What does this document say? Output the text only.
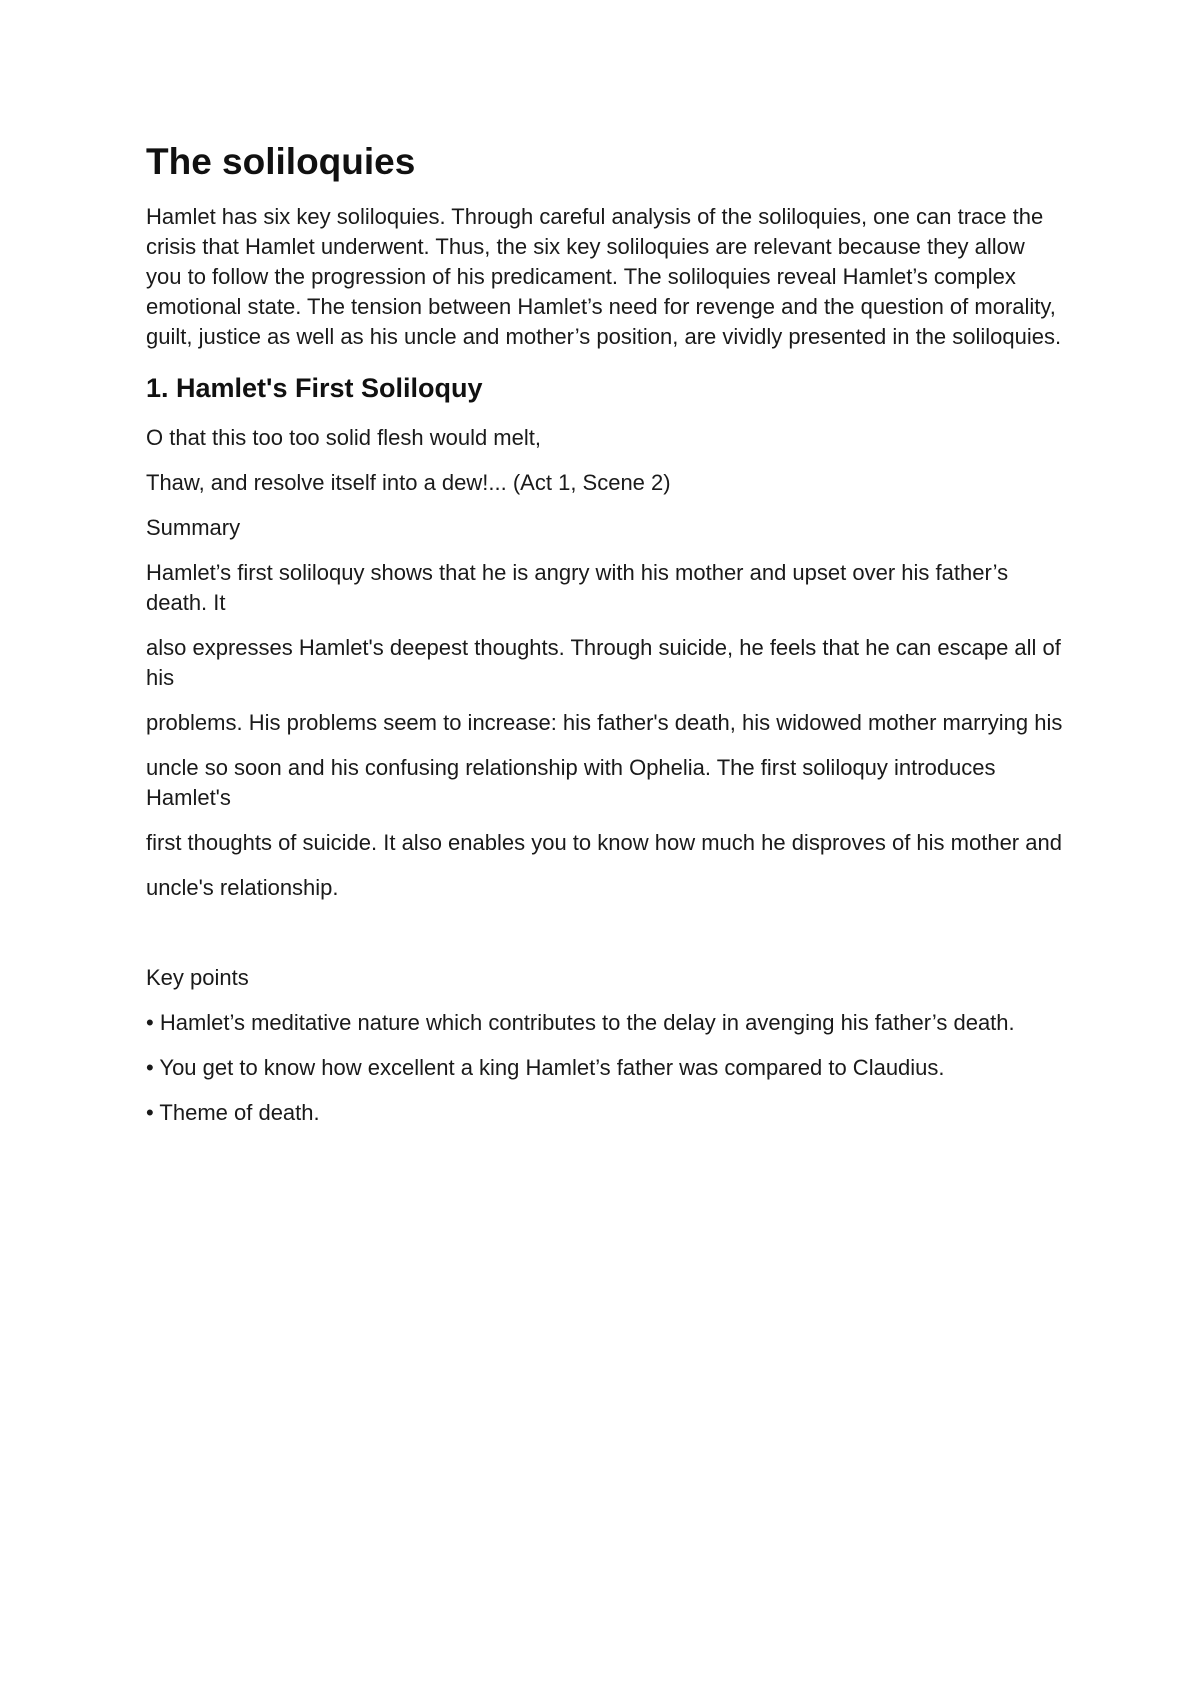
The soliloquies

Hamlet has six key soliloquies. Through careful analysis of the soliloquies, one can trace the crisis that Hamlet underwent. Thus, the six key soliloquies are relevant because they allow you to follow the progression of his predicament. The soliloquies reveal Hamlet’s complex emotional state. The tension between Hamlet’s need for revenge and the question of morality, guilt, justice as well as his uncle and mother’s position, are vividly presented in the soliloquies.

1. Hamlet's First Soliloquy

O that this too too solid flesh would melt,

Thaw, and resolve itself into a dew!... (Act 1, Scene 2)

Summary

Hamlet’s first soliloquy shows that he is angry with his mother and upset over his father’s death. It

also expresses Hamlet's deepest thoughts. Through suicide, he feels that he can escape all of his

problems. His problems seem to increase: his father's death, his widowed mother marrying his

uncle so soon and his confusing relationship with Ophelia. The first soliloquy introduces Hamlet's

first thoughts of suicide. It also enables you to know how much he disproves of his mother and

uncle's relationship.

Key points

• Hamlet’s meditative nature which contributes to the delay in avenging his father’s death.
• You get to know how excellent a king Hamlet’s father was compared to Claudius.
• Theme of death.
